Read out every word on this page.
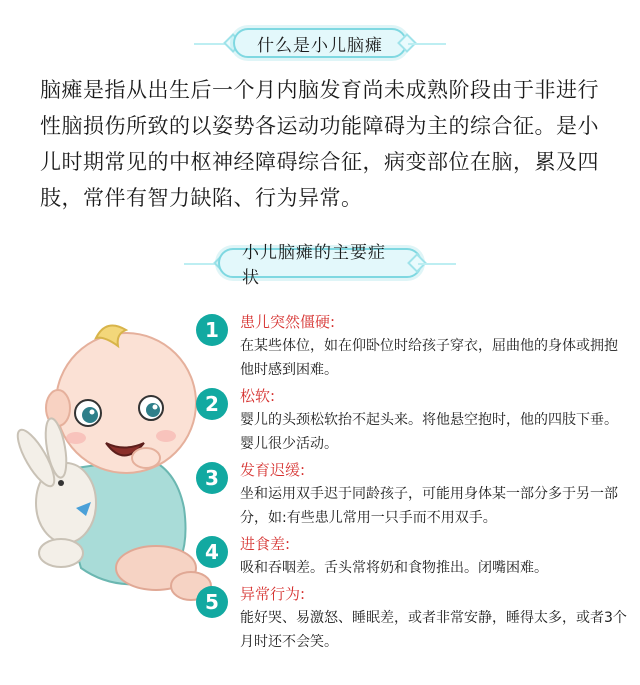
什么是小儿脑瘫
脑瘫是指从出生后一个月内脑发育尚未成熟阶段由于非进行性脑损伤所致的以姿势各运动功能障碍为主的综合征。是小儿时期常见的中枢神经障碍综合征，病变部位在脑，累及四肢，常伴有智力缺陷、行为异常。
小儿脑瘫的主要症状
1	患儿突然僵硬:
在某些体位，如在仰卧位时给孩子穿衣，屈曲他的身体或拥抱他时感到困难。
2	松软:
婴儿的头颈松软抬不起头来。将他悬空抱时，他的四肢下垂。婴儿很少活动。
3	发育迟缓:
坐和运用双手迟于同龄孩子，可能用身体某一部分多于另一部分，如:有些患儿常用一只手而不用双手。
4	进食差:
吸和吞咽差。舌头常将奶和食物推出。闭嘴困难。
5	异常行为:
能好哭、易激怒、睡眠差，或者非常安静，睡得太多，或者3个月时还不会笑。
